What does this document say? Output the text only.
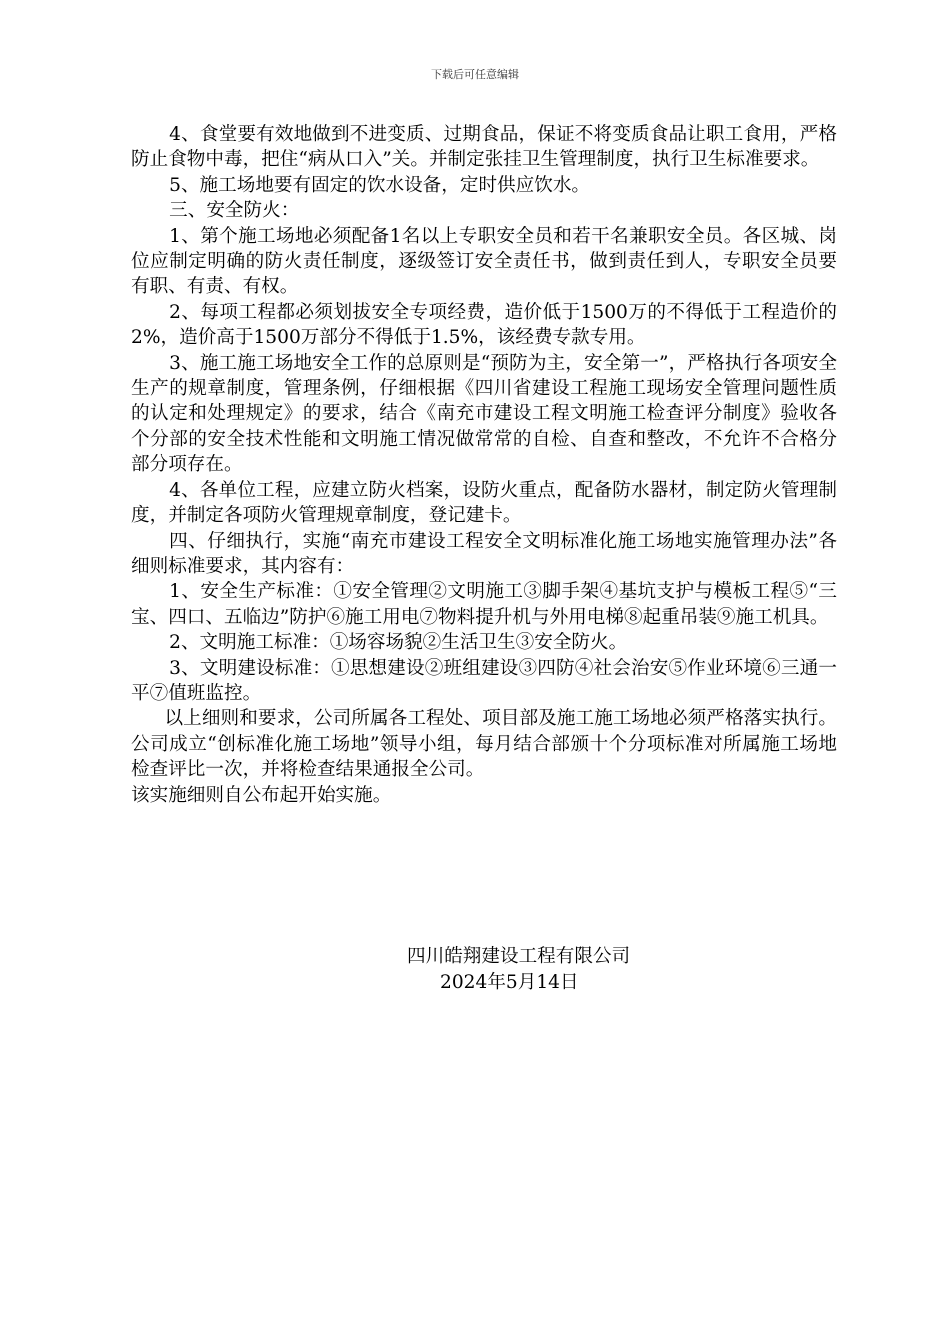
下载后可任意编辑

4、食堂要有效地做到不进变质、过期食品，保证不将变质食品让职工食用，严格防止食物中毒，把住“病从口入”关。并制定张挂卫生管理制度，执行卫生标准要求。

5、施工场地要有固定的饮水设备，定时供应饮水。

三、安全防火：

1、第个施工场地必须配备1名以上专职安全员和若干名兼职安全员。各区城、岗位应制定明确的防火责任制度，逐级签订安全责任书，做到责任到人，专职安全员要有职、有责、有权。

2、每项工程都必须划拔安全专项经费，造价低于1500万的不得低于工程造价的2%，造价高于1500万部分不得低于1.5%，该经费专款专用。

3、施工施工场地安全工作的总原则是“预防为主，安全第一”，严格执行各项安全生产的规章制度，管理条例，仔细根据《四川省建设工程施工现场安全管理问题性质的认定和处理规定》的要求，结合《南充市建设工程文明施工检查评分制度》验收各个分部的安全技术性能和文明施工情况做常常的自检、自查和整改，不允许不合格分部分项存在。

4、各单位工程，应建立防火档案，设防火重点，配备防水器材，制定防火管理制度，并制定各项防火管理规章制度，登记建卡。

四、仔细执行，实施“南充市建设工程安全文明标准化施工场地实施管理办法”各细则标准要求，其内容有：

1、安全生产标准：①安全管理②文明施工③脚手架④基坑支护与模板工程⑤“三宝、四口、五临边”防护⑥施工用电⑦物料提升机与外用电梯⑧起重吊装⑨施工机具。

2、文明施工标准：①场容场貌②生活卫生③安全防火。

3、文明建设标准：①思想建设②班组建设③四防④社会治安⑤作业环境⑥三通一平⑦值班监控。

以上细则和要求，公司所属各工程处、项目部及施工施工场地必须严格落实执行。公司成立“创标准化施工场地”领导小组，每月结合部颁十个分项标准对所属施工场地检查评比一次，并将检查结果通报全公司。

该实施细则自公布起开始实施。

四川皓翔建设工程有限公司
2024年5月14日
